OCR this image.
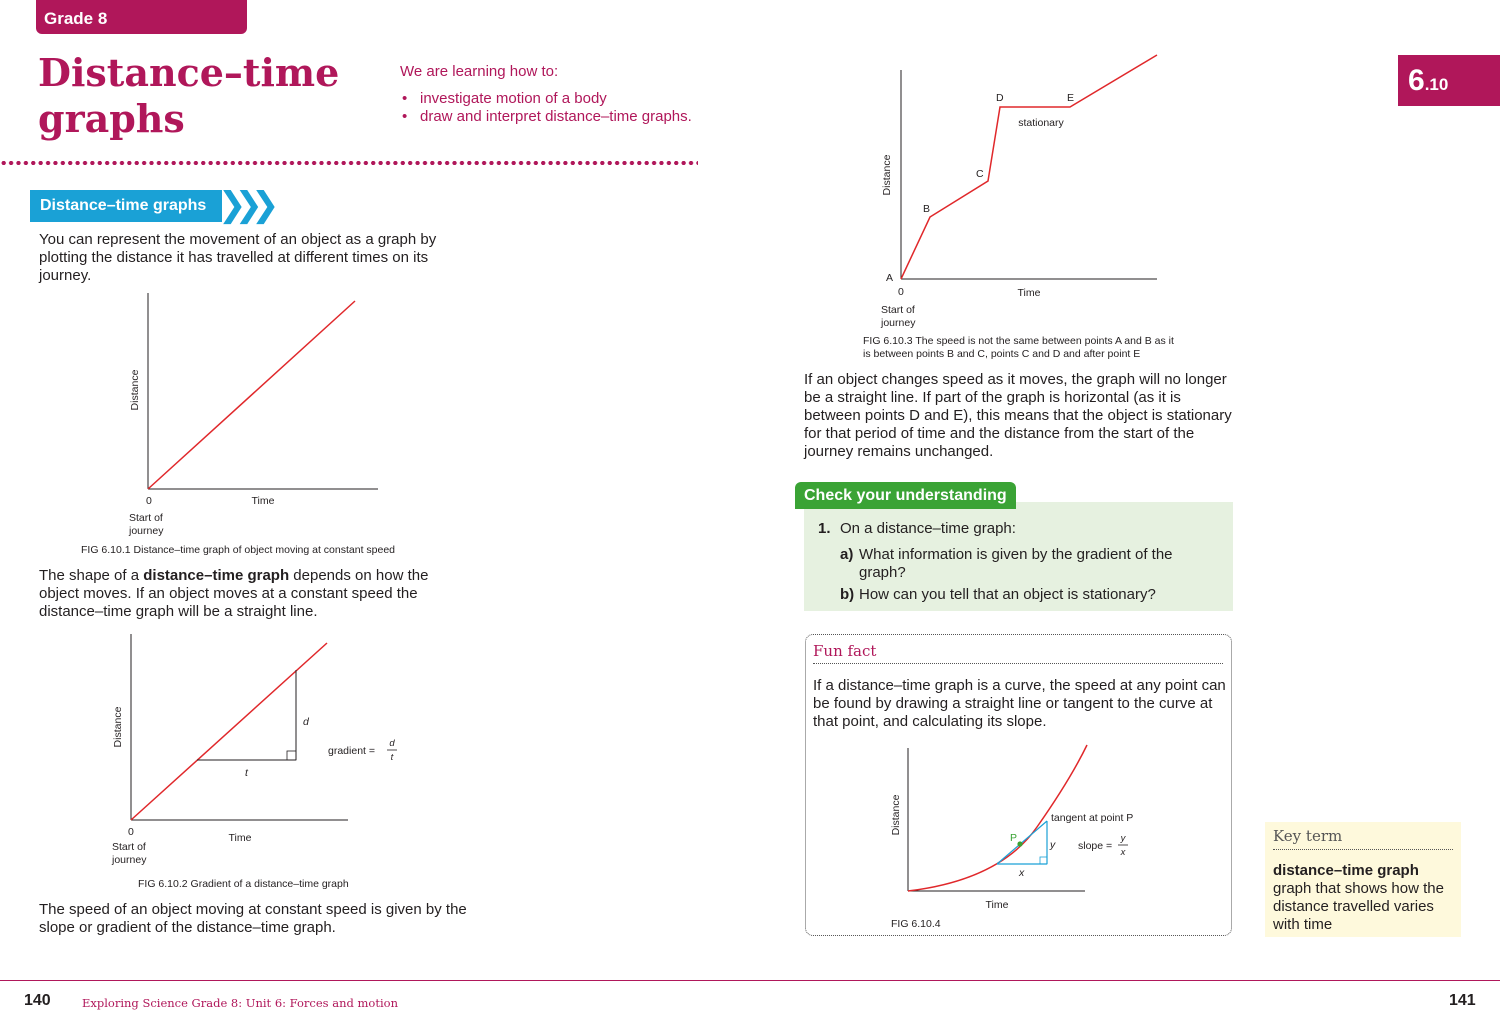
Grade 8
Distance–time
graphs
We are learning how to:
• investigate motion of a body
• draw and interpret distance–time graphs.
6.10
Distance–time graphs ❯❯❯

You can represent the movement of an object as a graph by plotting the distance it has travelled at different times on its journey.

Distance
Time
0
Start of
journey
FIG 6.10.1 Distance–time graph of object moving at constant speed

The shape of a distance–time graph depends on how the object moves. If an object moves at a constant speed the distance–time graph will be a straight line.

d
t
gradient =
d
t
Distance
Time
0
Start of
journey
FIG 6.10.2 Gradient of a distance–time graph

The speed of an object moving at constant speed is given by the slope or gradient of the distance–time graph.

A
B
C
D	E
stationary
Distance
Time
0
Start of
journey
FIG 6.10.3 The speed is not the same between points A and B as it
is between points B and C, points C and D and after point E

If an object changes speed as it moves, the graph will no longer be a straight line. If part of the graph is horizontal (as it is between points D and E), this means that the object is stationary for that period of time and the distance from the start of the journey remains unchanged.

Check your understanding
1. On a distance–time graph:
a) What information is given by the gradient of the graph?
b) How can you tell that an object is stationary?
Fun fact

If a distance–time graph is a curve, the speed at any point can be found by drawing a straight line or tangent to the curve at that point, and calculating its slope.

P
tangent at point P
y
x
slope =
y
x
Distance
Time
FIG 6.10.4
Key term
distance–time graph
graph that shows how the distance travelled varies with time
140	Exploring Science Grade 8: Unit 6: Forces and motion	141
